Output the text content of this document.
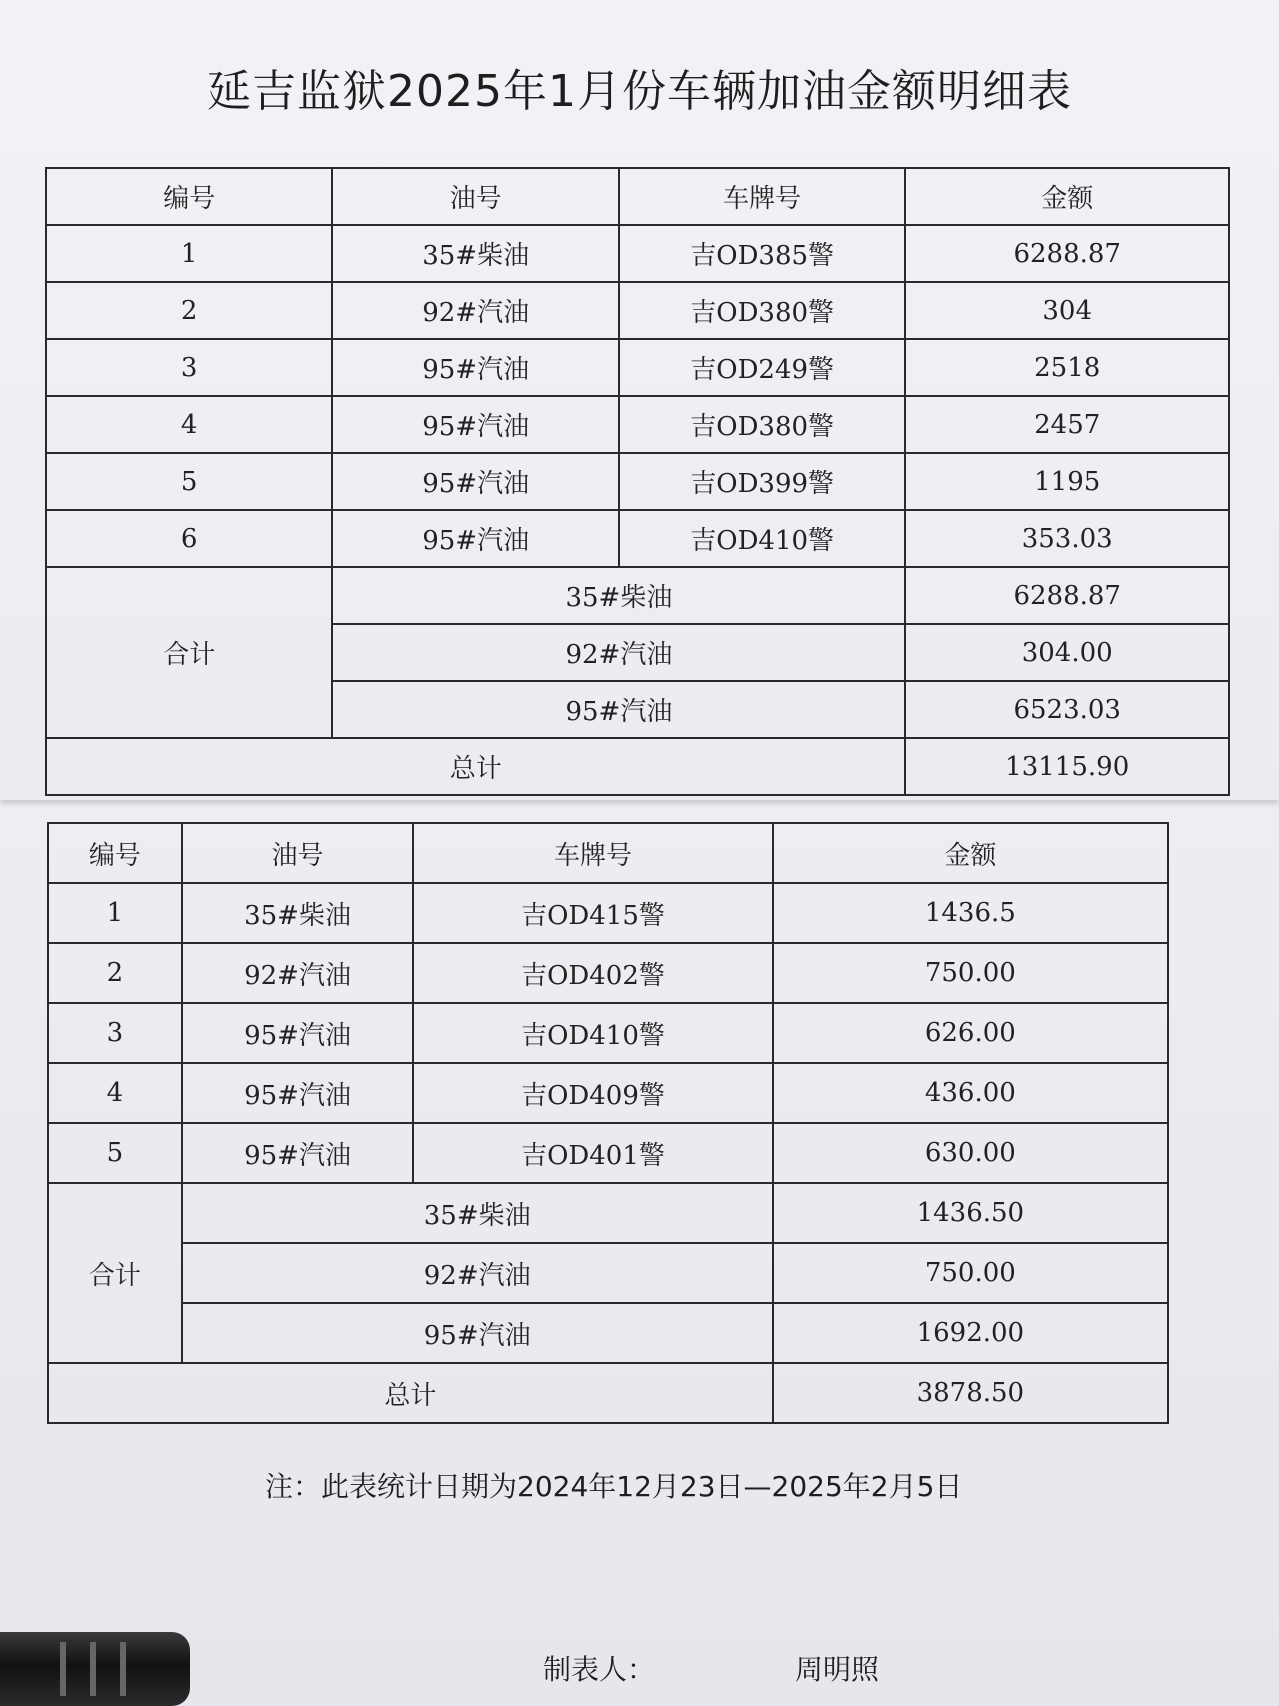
延吉监狱2025年1月份车辆加油金额明细表
编号	油号	车牌号	金额
1	35#柴油	吉OD385警	6288.87
2	92#汽油	吉OD380警	304
3	95#汽油	吉OD249警	2518
4	95#汽油	吉OD380警	2457
5	95#汽油	吉OD399警	1195
6	95#汽油	吉OD410警	353.03
合计	35#柴油		6288.87
	92#汽油		304.00
	95#汽油		6523.03
总计			13115.90
编号	油号	车牌号	金额
1	35#柴油	吉OD415警	1436.5
2	92#汽油	吉OD402警	750.00
3	95#汽油	吉OD410警	626.00
4	95#汽油	吉OD409警	436.00
5	95#汽油	吉OD401警	630.00
合计	35#柴油		1436.50
	92#汽油		750.00
	95#汽油		1692.00
总计			3878.50
注：此表统计日期为2024年12月23日—2025年2月5日
制表人：	周明照
